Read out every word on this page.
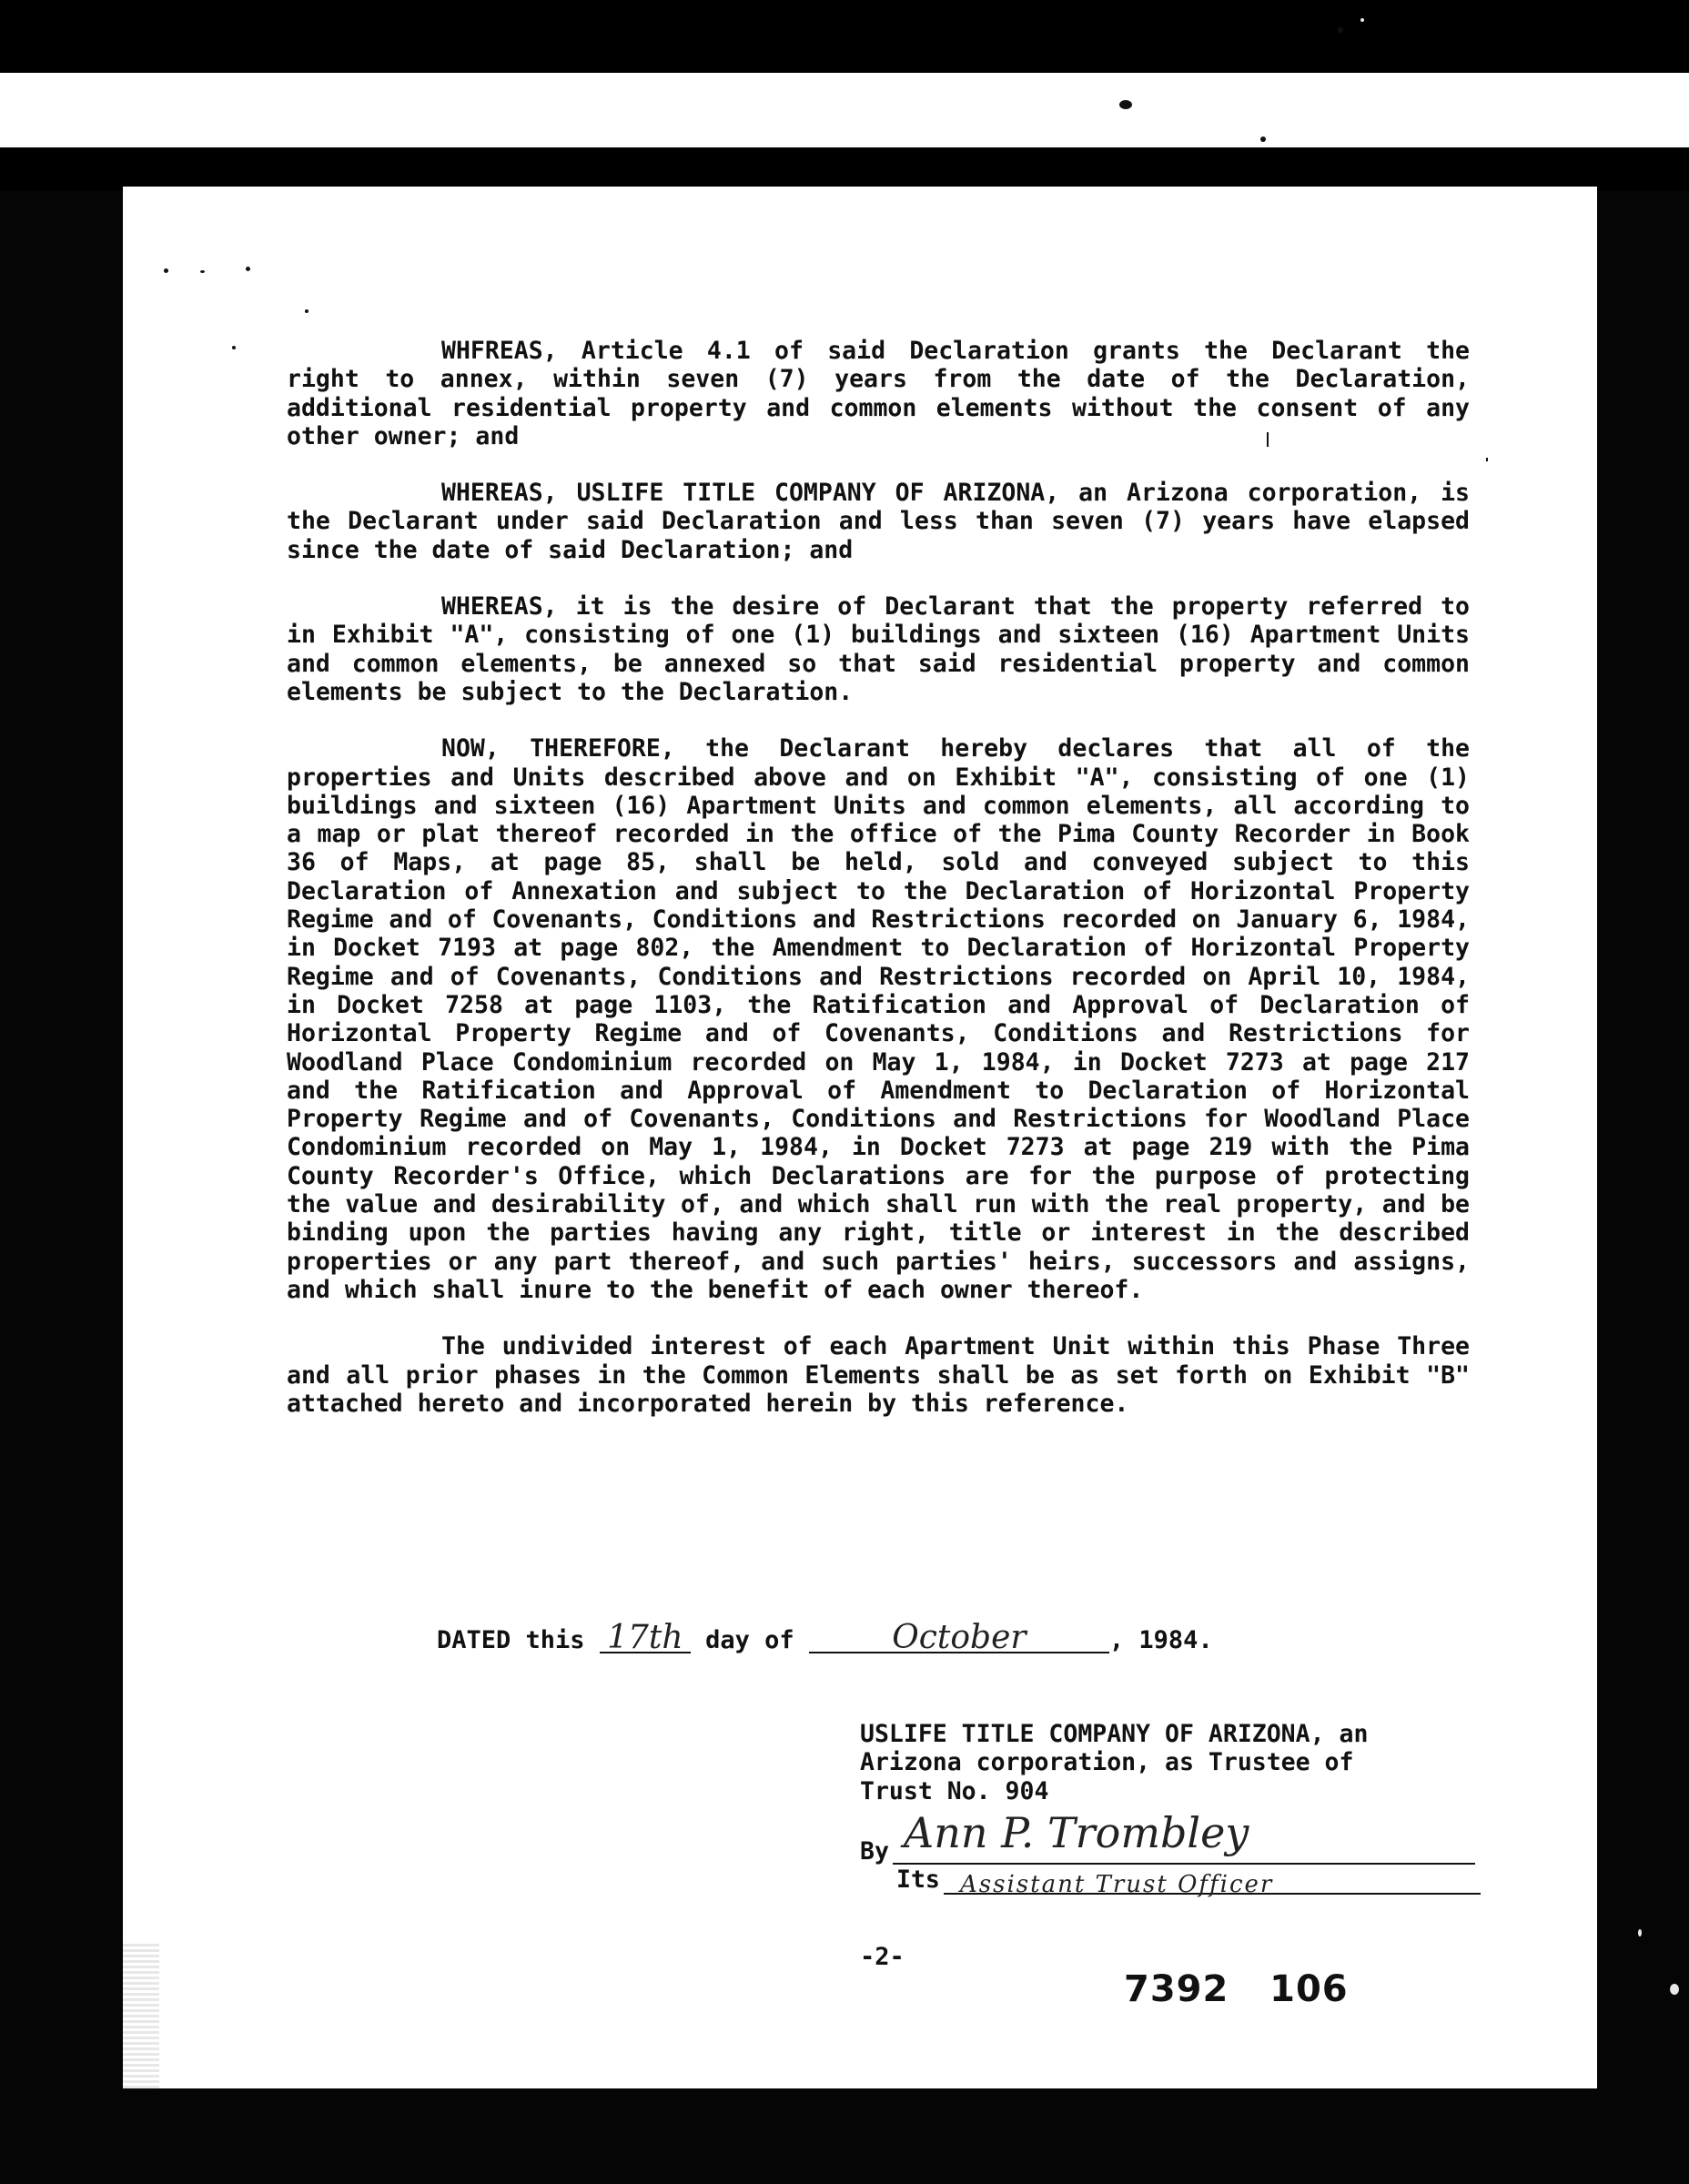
WHFREAS, Article 4.1 of said Declaration grants the Declarant the right to annex, within seven (7) years from the date of the Declaration, additional residential property and common elements without the consent of any other owner; and

WHEREAS, USLIFE TITLE COMPANY OF ARIZONA, an Arizona corporation, is the Declarant under said Declaration and less than seven (7) years have elapsed since the date of said Declaration; and

WHEREAS, it is the desire of Declarant that the property referred to in Exhibit "A", consisting of one (1) buildings and sixteen (16) Apartment Units and common elements, be annexed so that said residential property and common elements be subject to the Declaration.

NOW, THEREFORE, the Declarant hereby declares that all of the properties and Units described above and on Exhibit "A", consisting of one (1) buildings and sixteen (16) Apartment Units and common elements, all according to a map or plat thereof recorded in the office of the Pima County Recorder in Book 36 of Maps, at page 85, shall be held, sold and conveyed subject to this Declaration of Annexation and subject to the Declaration of Horizontal Property Regime and of Covenants, Conditions and Restrictions recorded on January 6, 1984, in Docket 7193 at page 802, the Amendment to Declaration of Horizontal Property Regime and of Covenants, Conditions and Restrictions recorded on April 10, 1984, in Docket 7258 at page 1103, the Ratification and Approval of Declaration of Horizontal Property Regime and of Covenants, Conditions and Restrictions for Woodland Place Condominium recorded on May 1, 1984, in Docket 7273 at page 217 and the Ratification and Approval of Amendment to Declaration of Horizontal Property Regime and of Covenants, Conditions and Restrictions for Woodland Place Condominium recorded on May 1, 1984, in Docket 7273 at page 219 with the Pima County Recorder's Office, which Declarations are for the purpose of protecting the value and desirability of, and which shall run with the real property, and be binding upon the parties having any right, title or interest in the described properties or any part thereof, and such parties' heirs, successors and assigns, and which shall inure to the benefit of each owner thereof.

The undivided interest of each Apartment Unit within this Phase Three and all prior phases in the Common Elements shall be as set forth on Exhibit "B" attached hereto and incorporated herein by this reference.

DATED this 17th day of	October	, 1984.
USLIFE TITLE COMPANY OF ARIZONA, an
Arizona corporation, as Trustee of
Trust No. 904
By Ann P. Trombley
Its Assistant Trust Officer
-2-
7392   106
